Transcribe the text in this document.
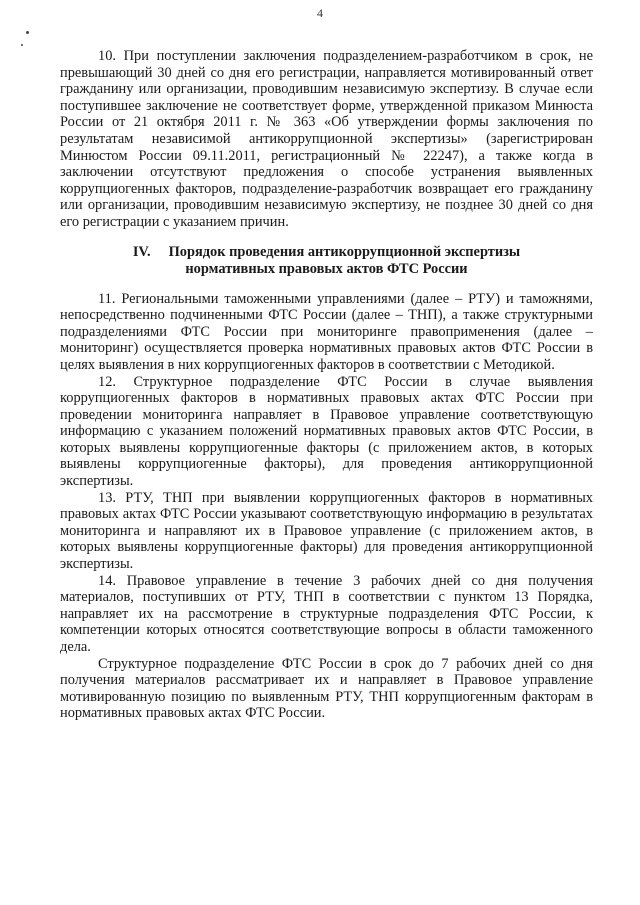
4

10. При поступлении заключения подразделением-разработчиком в срок, не превышающий 30 дней со дня его регистрации, направляется мотивированный ответ гражданину или организации, проводившим независимую экспертизу. В случае если поступившее заключение не соответствует форме, утвержденной приказом Минюста России от 21 октября 2011 г. № 363 «Об утверждении формы заключения по результатам независимой антикоррупционной экспертизы» (зарегистрирован Минюстом России 09.11.2011, регистрационный № 22247), а также когда в заключении отсутствуют предложения о способе устранения выявленных коррупциогенных факторов, подразделение-разработчик возвращает его гражданину или организации, проводившим независимую экспертизу, не позднее 30 дней со дня его регистрации с указанием причин.

IV. Порядок проведения антикоррупционной экспертизы
нормативных правовых актов ФТС России

11. Региональными таможенными управлениями (далее – РТУ) и таможнями, непосредственно подчиненными ФТС России (далее – ТНП), а также структурными подразделениями ФТС России при мониторинге правоприменения (далее – мониторинг) осуществляется проверка нормативных правовых актов ФТС России в целях выявления в них коррупциогенных факторов в соответствии с Методикой.

12. Структурное подразделение ФТС России в случае выявления коррупциогенных факторов в нормативных правовых актах ФТС России при проведении мониторинга направляет в Правовое управление соответствующую информацию с указанием положений нормативных правовых актов ФТС России, в которых выявлены коррупциогенные факторы (с приложением актов, в которых выявлены коррупциогенные факторы), для проведения антикоррупционной экспертизы.

13. РТУ, ТНП при выявлении коррупциогенных факторов в нормативных правовых актах ФТС России указывают соответствующую информацию в результатах мониторинга и направляют их в Правовое управление (с приложением актов, в которых выявлены коррупциогенные факторы) для проведения антикоррупционной экспертизы.

14. Правовое управление в течение 3 рабочих дней со дня получения материалов, поступивших от РТУ, ТНП в соответствии с пунктом 13 Порядка, направляет их на рассмотрение в структурные подразделения ФТС России, к компетенции которых относятся соответствующие вопросы в области таможенного дела.

Структурное подразделение ФТС России в срок до 7 рабочих дней со дня получения материалов рассматривает их и направляет в Правовое управление мотивированную позицию по выявленным РТУ, ТНП коррупциогенным факторам в нормативных правовых актах ФТС России.
